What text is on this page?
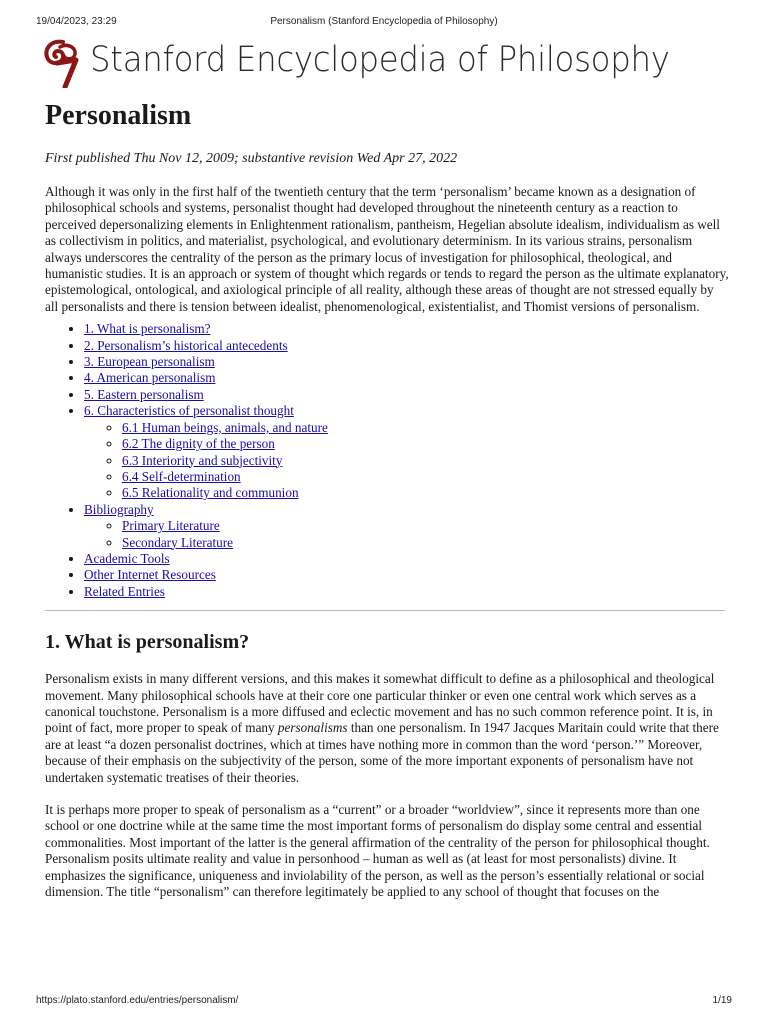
19/04/2023, 23:29	Personalism (Stanford Encyclopedia of Philosophy)
Stanford Encyclopedia of Philosophy
Personalism
First published Thu Nov 12, 2009; substantive revision Wed Apr 27, 2022
Although it was only in the first half of the twentieth century that the term ‘personalism’ became known as a designation of philosophical schools and systems, personalist thought had developed throughout the nineteenth century as a reaction to perceived depersonalizing elements in Enlightenment rationalism, pantheism, Hegelian absolute idealism, individualism as well as collectivism in politics, and materialist, psychological, and evolutionary determinism. In its various strains, personalism always underscores the centrality of the person as the primary locus of investigation for philosophical, theological, and humanistic studies. It is an approach or system of thought which regards or tends to regard the person as the ultimate explanatory, epistemological, ontological, and axiological principle of all reality, although these areas of thought are not stressed equally by all personalists and there is tension between idealist, phenomenological, existentialist, and Thomist versions of personalism.
• 1. What is personalism?
• 2. Personalism’s historical antecedents
• 3. European personalism
• 4. American personalism
• 5. Eastern personalism
• 6. Characteristics of personalist thought
◦ 6.1 Human beings, animals, and nature
◦ 6.2 The dignity of the person
◦ 6.3 Interiority and subjectivity
◦ 6.4 Self-determination
◦ 6.5 Relationality and communion
• Bibliography
◦ Primary Literature
◦ Secondary Literature
• Academic Tools
• Other Internet Resources
• Related Entries
1. What is personalism?

Personalism exists in many different versions, and this makes it somewhat difficult to define as a philosophical and theological movement. Many philosophical schools have at their core one particular thinker or even one central work which serves as a canonical touchstone. Personalism is a more diffused and eclectic movement and has no such common reference point. It is, in point of fact, more proper to speak of many personalisms than one personalism. In 1947 Jacques Maritain could write that there are at least “a dozen personalist doctrines, which at times have nothing more in common than the word ‘person.’” Moreover, because of their emphasis on the subjectivity of the person, some of the more important exponents of personalism have not undertaken systematic treatises of their theories.

It is perhaps more proper to speak of personalism as a “current” or a broader “worldview”, since it represents more than one school or one doctrine while at the same time the most important forms of personalism do display some central and essential commonalities. Most important of the latter is the general affirmation of the centrality of the person for philosophical thought. Personalism posits ultimate reality and value in personhood – human as well as (at least for most personalists) divine. It emphasizes the significance, uniqueness and inviolability of the person, as well as the person’s essentially relational or social dimension. The title “personalism” can therefore legitimately be applied to any school of thought that focuses on the

https://plato.stanford.edu/entries/personalism/	1/19
